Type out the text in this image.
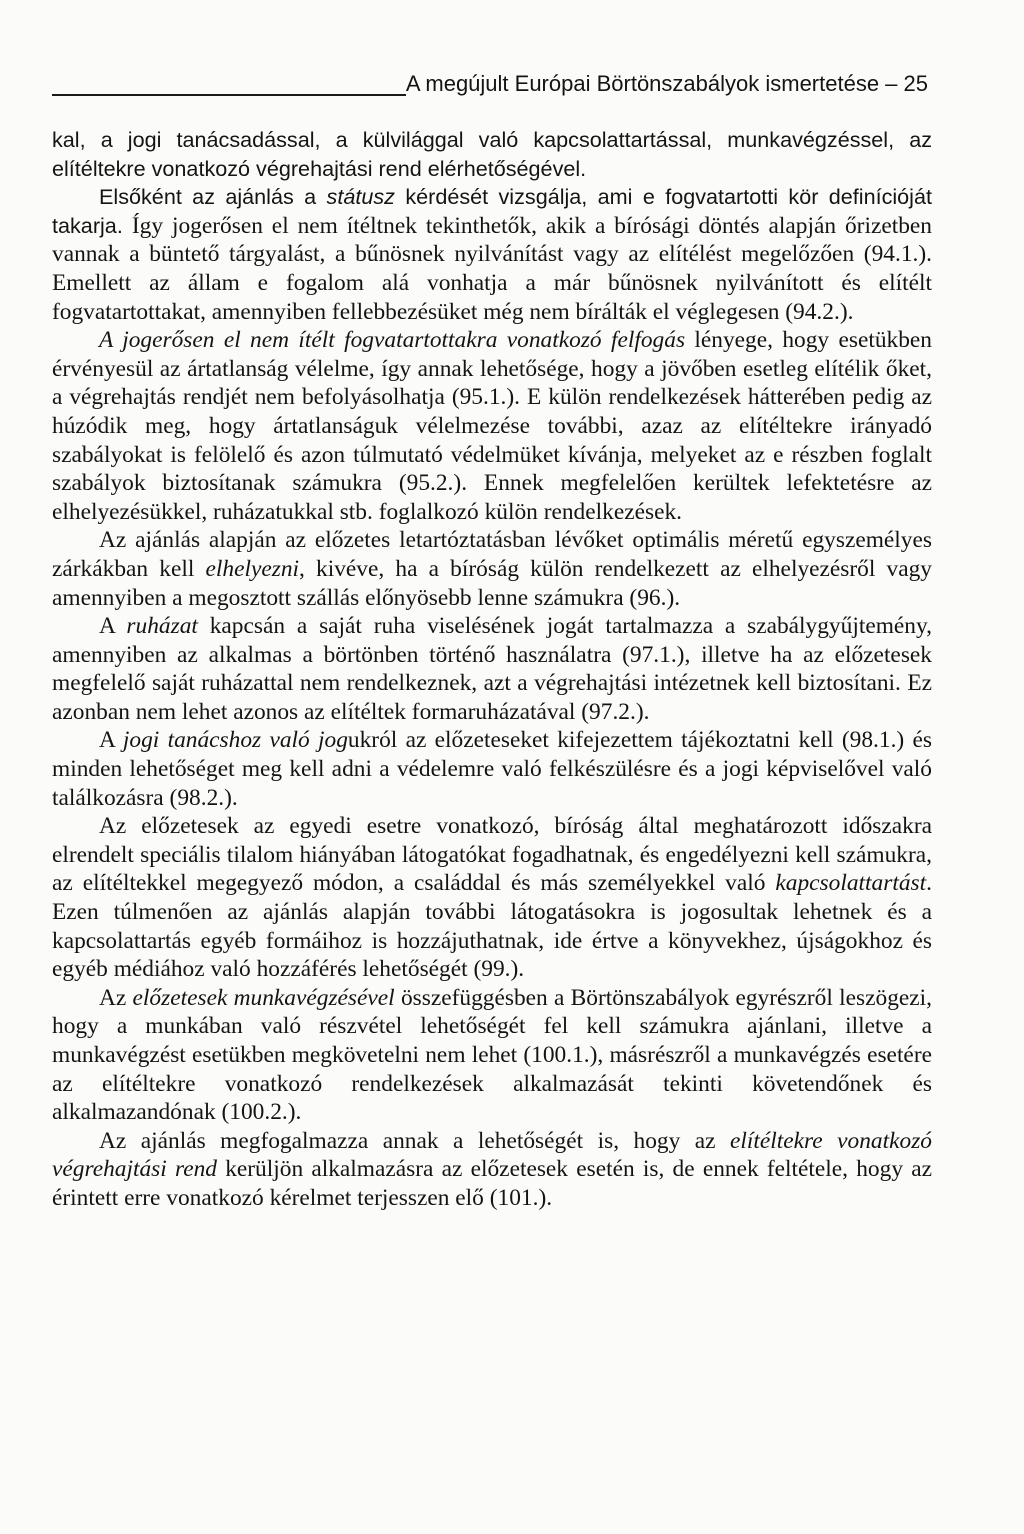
A megújult Európai Börtönszabályok ismertetése – 25

kal, a jogi tanácsadással, a külvilággal való kapcsolattartással, munkavégzéssel, az elítéltekre vonatkozó végrehajtási rend elérhetőségével.

Elsőként az ajánlás a státusz kérdését vizsgálja, ami e fogvatartotti kör definícióját takarja. Így jogerősen el nem ítéltnek tekinthetők, akik a bírósági döntés alapján őrizetben vannak a büntető tárgyalást, a bűnösnek nyilvánítást vagy az elítélést megelőzően (94.1.). Emellett az állam e fogalom alá vonhatja a már bűnösnek nyilvánított és elítélt fogvatartottakat, amennyiben fellebbezésüket még nem bírálták el véglegesen (94.2.).

A jogerősen el nem ítélt fogvatartottakra vonatkozó felfogás lényege, hogy esetükben érvényesül az ártatlanság vélelme, így annak lehetősége, hogy a jövőben esetleg elítélik őket, a végrehajtás rendjét nem befolyásolhatja (95.1.). E külön rendelkezések hátterében pedig az húzódik meg, hogy ártatlanságuk vélelmezése további, azaz az elítéltekre irányadó szabályokat is felölelő és azon túlmutató védelmüket kívánja, melyeket az e részben foglalt szabályok biztosítanak számukra (95.2.). Ennek megfelelően kerültek lefektetésre az elhelyezésükkel, ruházatukkal stb. foglalkozó külön rendelkezések.

Az ajánlás alapján az előzetes letartóztatásban lévőket optimális méretű egyszemélyes zárkákban kell elhelyezni, kivéve, ha a bíróság külön rendelkezett az elhelyezésről vagy amennyiben a megosztott szállás előnyösebb lenne számukra (96.).

A ruházat kapcsán a saját ruha viselésének jogát tartalmazza a szabálygyűjtemény, amennyiben az alkalmas a börtönben történő használatra (97.1.), illetve ha az előzetesek megfelelő saját ruházattal nem rendelkeznek, azt a végrehajtási intézetnek kell biztosítani. Ez azonban nem lehet azonos az elítéltek formaruházatával (97.2.).

A jogi tanácshoz való jogukról az előzeteseket kifejezettem tájékoztatni kell (98.1.) és minden lehetőséget meg kell adni a védelemre való felkészülésre és a jogi képviselővel való találkozásra (98.2.).

Az előzetesek az egyedi esetre vonatkozó, bíróság által meghatározott időszakra elrendelt speciális tilalom hiányában látogatókat fogadhatnak, és engedélyezni kell számukra, az elítéltekkel megegyező módon, a családdal és más személyekkel való kapcsolattartást. Ezen túlmenően az ajánlás alapján további látogatásokra is jogosultak lehetnek és a kapcsolattartás egyéb formáihoz is hozzájuthatnak, ide értve a könyvekhez, újságokhoz és egyéb médiához való hozzáférés lehetőségét (99.).

Az előzetesek munkavégzésével összefüggésben a Börtönszabályok egyrészről leszögezi, hogy a munkában való részvétel lehetőségét fel kell számukra ajánlani, illetve a munkavégzést esetükben megkövetelni nem lehet (100.1.), másrészről a munkavégzés esetére az elítéltekre vonatkozó rendelkezések alkalmazását tekinti követendőnek és alkalmazandónak (100.2.).

Az ajánlás megfogalmazza annak a lehetőségét is, hogy az elítéltekre vonatkozó végrehajtási rend kerüljön alkalmazásra az előzetesek esetén is, de ennek feltétele, hogy az érintett erre vonatkozó kérelmet terjesszen elő (101.).
